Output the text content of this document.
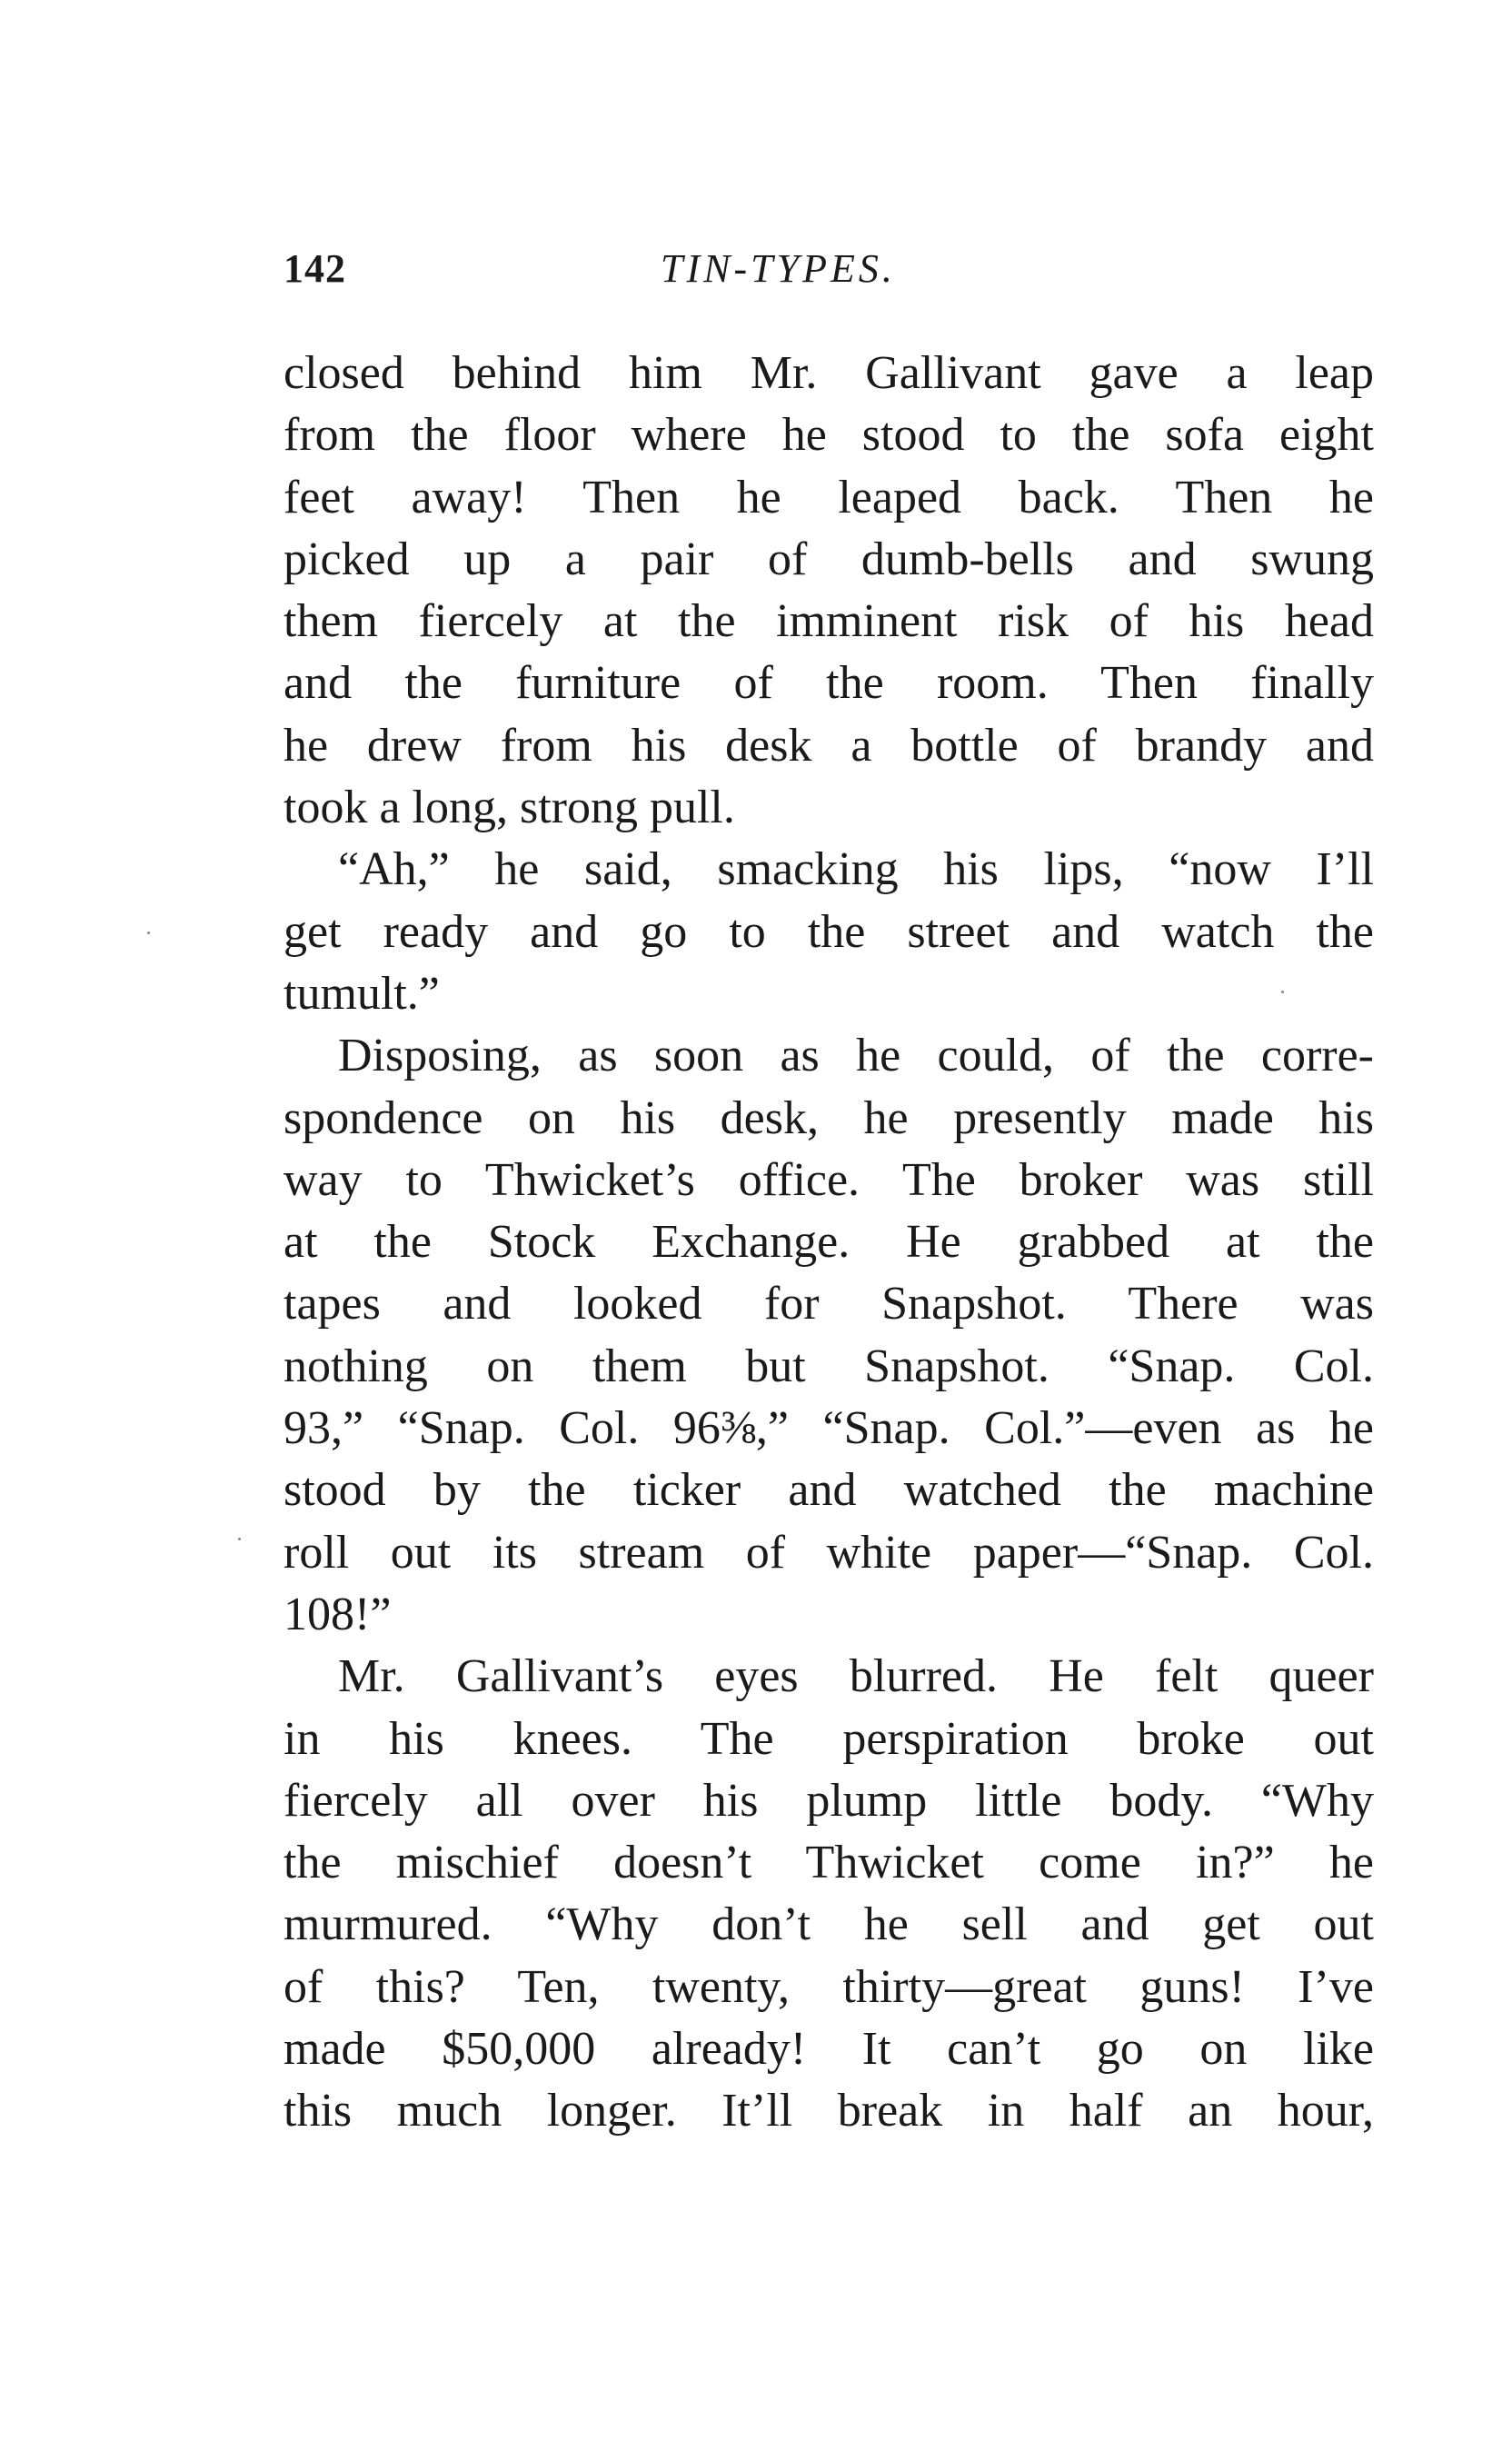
142	TIN-TYPES.
closed behind him Mr. Gallivant gave a leap
from the floor where he stood to the sofa eight
feet away! Then he leaped back. Then he
picked up a pair of dumb-bells and swung
them fiercely at the imminent risk of his head
and the furniture of the room. Then finally
he drew from his desk a bottle of brandy and
took a long, strong pull.
“Ah,” he said, smacking his lips, “now I’ll
get ready and go to the street and watch the
tumult.”
Disposing, as soon as he could, of the corre-
spondence on his desk, he presently made his
way to Thwicket’s office. The broker was still
at the Stock Exchange. He grabbed at the
tapes and looked for Snapshot. There was
nothing on them but Snapshot. “Snap. Col.
93,” “Snap. Col. 96⅜,” “Snap. Col.”—even as he
stood by the ticker and watched the machine
roll out its stream of white paper—“Snap. Col.
108!”
Mr. Gallivant’s eyes blurred. He felt queer
in his knees. The perspiration broke out
fiercely all over his plump little body. “Why
the mischief doesn’t Thwicket come in?” he
murmured. “Why don’t he sell and get out
of this? Ten, twenty, thirty—great guns! I’ve
made $50,000 already! It can’t go on like
this much longer. It’ll break in half an hour,
